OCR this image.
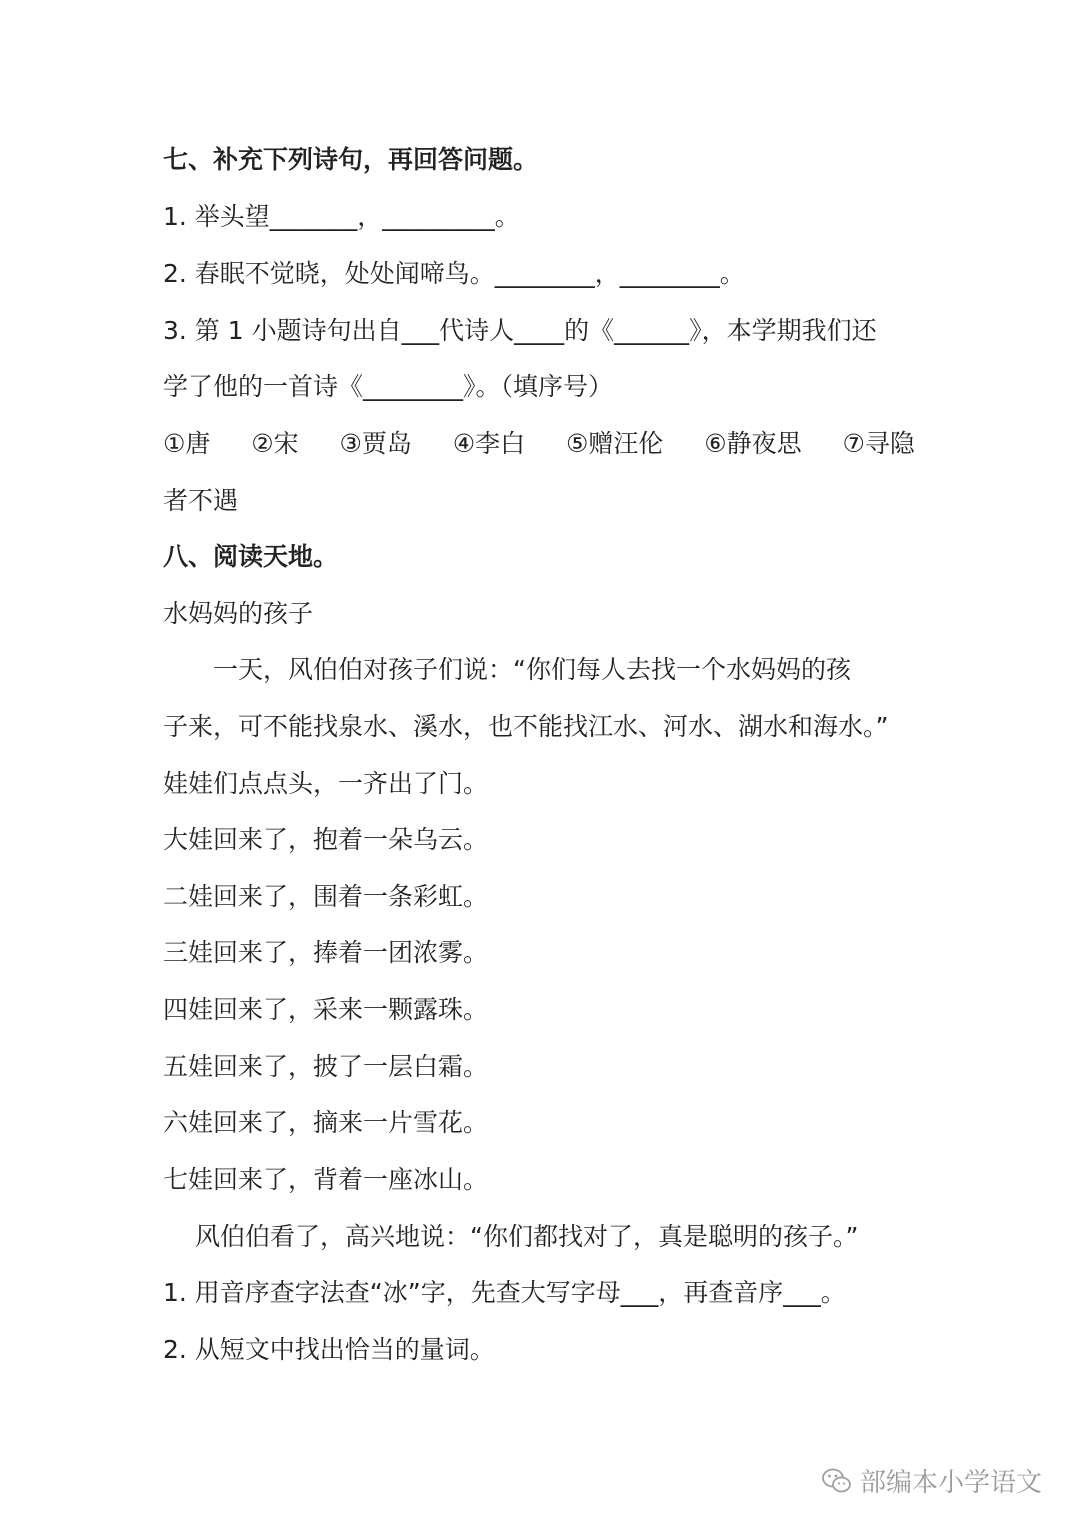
七、补充下列诗句，再回答问题。
1. 举头望_______，_________。
2. 春眠不觉晓，处处闻啼鸟。________，________。
3. 第 1 小题诗句出自___代诗人____的《______》，本学期我们还
学了他的一首诗《________》。（填序号）
①唐 ②宋 ③贾岛 ④李白 ⑤赠汪伦 ⑥静夜思 ⑦寻隐
者不遇
八、阅读天地。
水妈妈的孩子
一天，风伯伯对孩子们说：“你们每人去找一个水妈妈的孩
子来，可不能找泉水、溪水，也不能找江水、河水、湖水和海水。”
娃娃们点点头，一齐出了门。
大娃回来了，抱着一朵乌云。
二娃回来了，围着一条彩虹。
三娃回来了，捧着一团浓雾。
四娃回来了，采来一颗露珠。
五娃回来了，披了一层白霜。
六娃回来了，摘来一片雪花。
七娃回来了，背着一座冰山。
风伯伯看了，高兴地说：“你们都找对了，真是聪明的孩子。”
1. 用音序查字法查“冰”字，先查大写字母___，再查音序___。
2. 从短文中找出恰当的量词。
部编本小学语文
